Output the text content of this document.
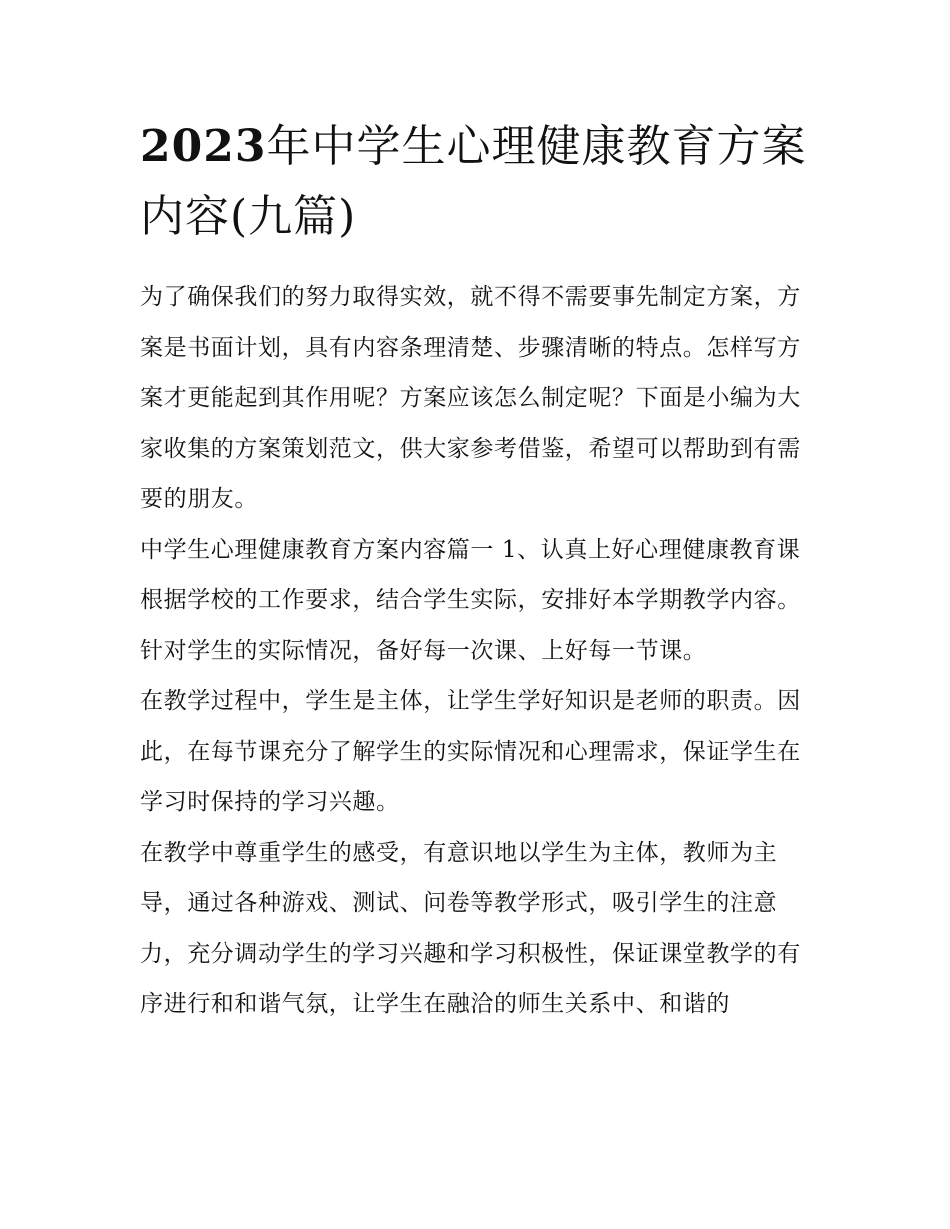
2023年中学生心理健康教育方案内容(九篇)

为了确保我们的努力取得实效，就不得不需要事先制定方案，方案是书面计划，具有内容条理清楚、步骤清晰的特点。怎样写方案才更能起到其作用呢？方案应该怎么制定呢？下面是小编为大家收集的方案策划范文，供大家参考借鉴，希望可以帮助到有需要的朋友。

中学生心理健康教育方案内容篇一 1、认真上好心理健康教育课 根据学校的工作要求，结合学生实际，安排好本学期教学内容。

针对学生的实际情况，备好每一次课、上好每一节课。

在教学过程中，学生是主体，让学生学好知识是老师的职责。因此，在每节课充分了解学生的实际情况和心理需求，保证学生在学习时保持的学习兴趣。

在教学中尊重学生的感受，有意识地以学生为主体，教师为主导，通过各种游戏、测试、问卷等教学形式，吸引学生的注意力，充分调动学生的学习兴趣和学习积极性，保证课堂教学的有序进行和和谐气氛，让学生在融洽的师生关系中、和谐的
